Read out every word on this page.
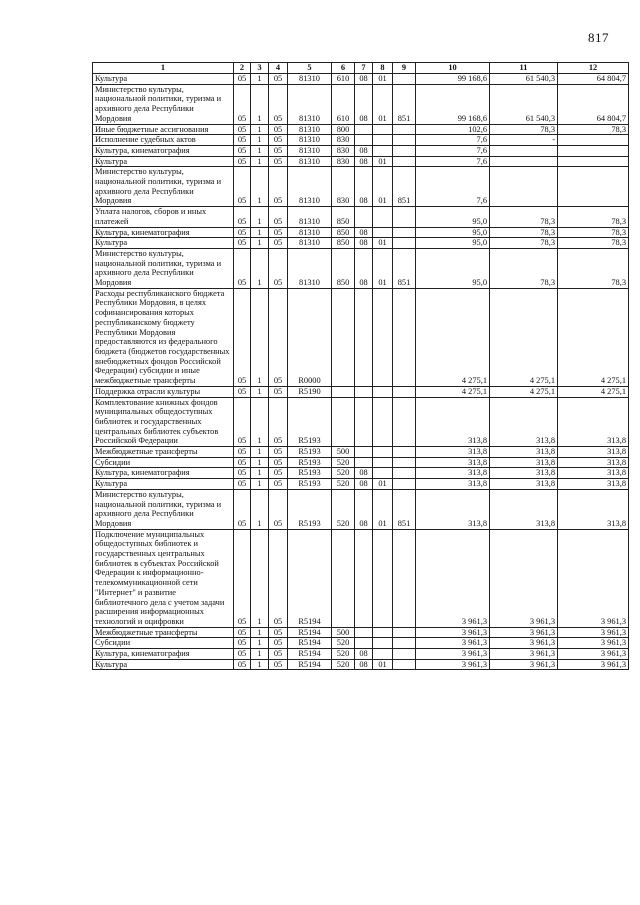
817
1	2	3	4	5	6	7	8	9	10	11	12
Культура	05	1	05	81310	610	08	01		99 168,6	61 540,3	64 804,7
Министерство культуры, национальной политики, туризма и архивного дела Республики Мордовия	05	1	05	81310	610	08	01	851	99 168,6	61 540,3	64 804,7
Иные бюджетные ассигнования	05	1	05	81310	800				102,6	78,3	78,3
Исполнение судебных актов	05	1	05	81310	830				7,6	-	
Культура, кинематография	05	1	05	81310	830	08			7,6		
Культура	05	1	05	81310	830	08	01		7,6		
Министерство культуры, национальной политики, туризма и архивного дела Республики Мордовия	05	1	05	81310	830	08	01	851	7,6		
Уплата налогов, сборов и иных платежей	05	1	05	81310	850				95,0	78,3	78,3
Культура, кинематография	05	1	05	81310	850	08			95,0	78,3	78,3
Культура	05	1	05	81310	850	08	01		95,0	78,3	78,3
Министерство культуры, национальной политики, туризма и архивного дела Республики Мордовия	05	1	05	81310	850	08	01	851	95,0	78,3	78,3
Расходы республиканского бюджета Республики Мордовия, в целях софинансирования которых республиканскому бюджету Республики Мордовия предоставляются из федерального бюджета (бюджетов государственных внебюджетных фондов Российской Федерации) субсидии и иные межбюджетные трансферты	05	1	05	R0000					4 275,1	4 275,1	4 275,1
Поддержка отрасли культуры	05	1	05	R5190					4 275,1	4 275,1	4 275,1
Комплектование книжных фондов муниципальных общедоступных библиотек и государственных центральных библиотек субъектов Российской Федерации	05	1	05	R5193					313,8	313,8	313,8
Межбюджетные трансферты	05	1	05	R5193	500				313,8	313,8	313,8
Субсидии	05	1	05	R5193	520				313,8	313,8	313,8
Культура, кинематография	05	1	05	R5193	520	08			313,8	313,8	313,8
Культура	05	1	05	R5193	520	08	01		313,8	313,8	313,8
Министерство культуры, национальной политики, туризма и архивного дела Республики Мордовия	05	1	05	R5193	520	08	01	851	313,8	313,8	313,8
Подключение муниципальных общедоступных библиотек и государственных центральных библиотек в субъектах Российской Федерации к информационно-телекоммуникационной сети "Интернет" и развитие библиотечного дела с учетом задачи расширения информационных технологий и оцифровки	05	1	05	R5194					3 961,3	3 961,3	3 961,3
Межбюджетные трансферты	05	1	05	R5194	500				3 961,3	3 961,3	3 961,3
Субсидии	05	1	05	R5194	520				3 961,3	3 961,3	3 961,3
Культура, кинематография	05	1	05	R5194	520	08			3 961,3	3 961,3	3 961,3
Культура	05	1	05	R5194	520	08	01		3 961,3	3 961,3	3 961,3
